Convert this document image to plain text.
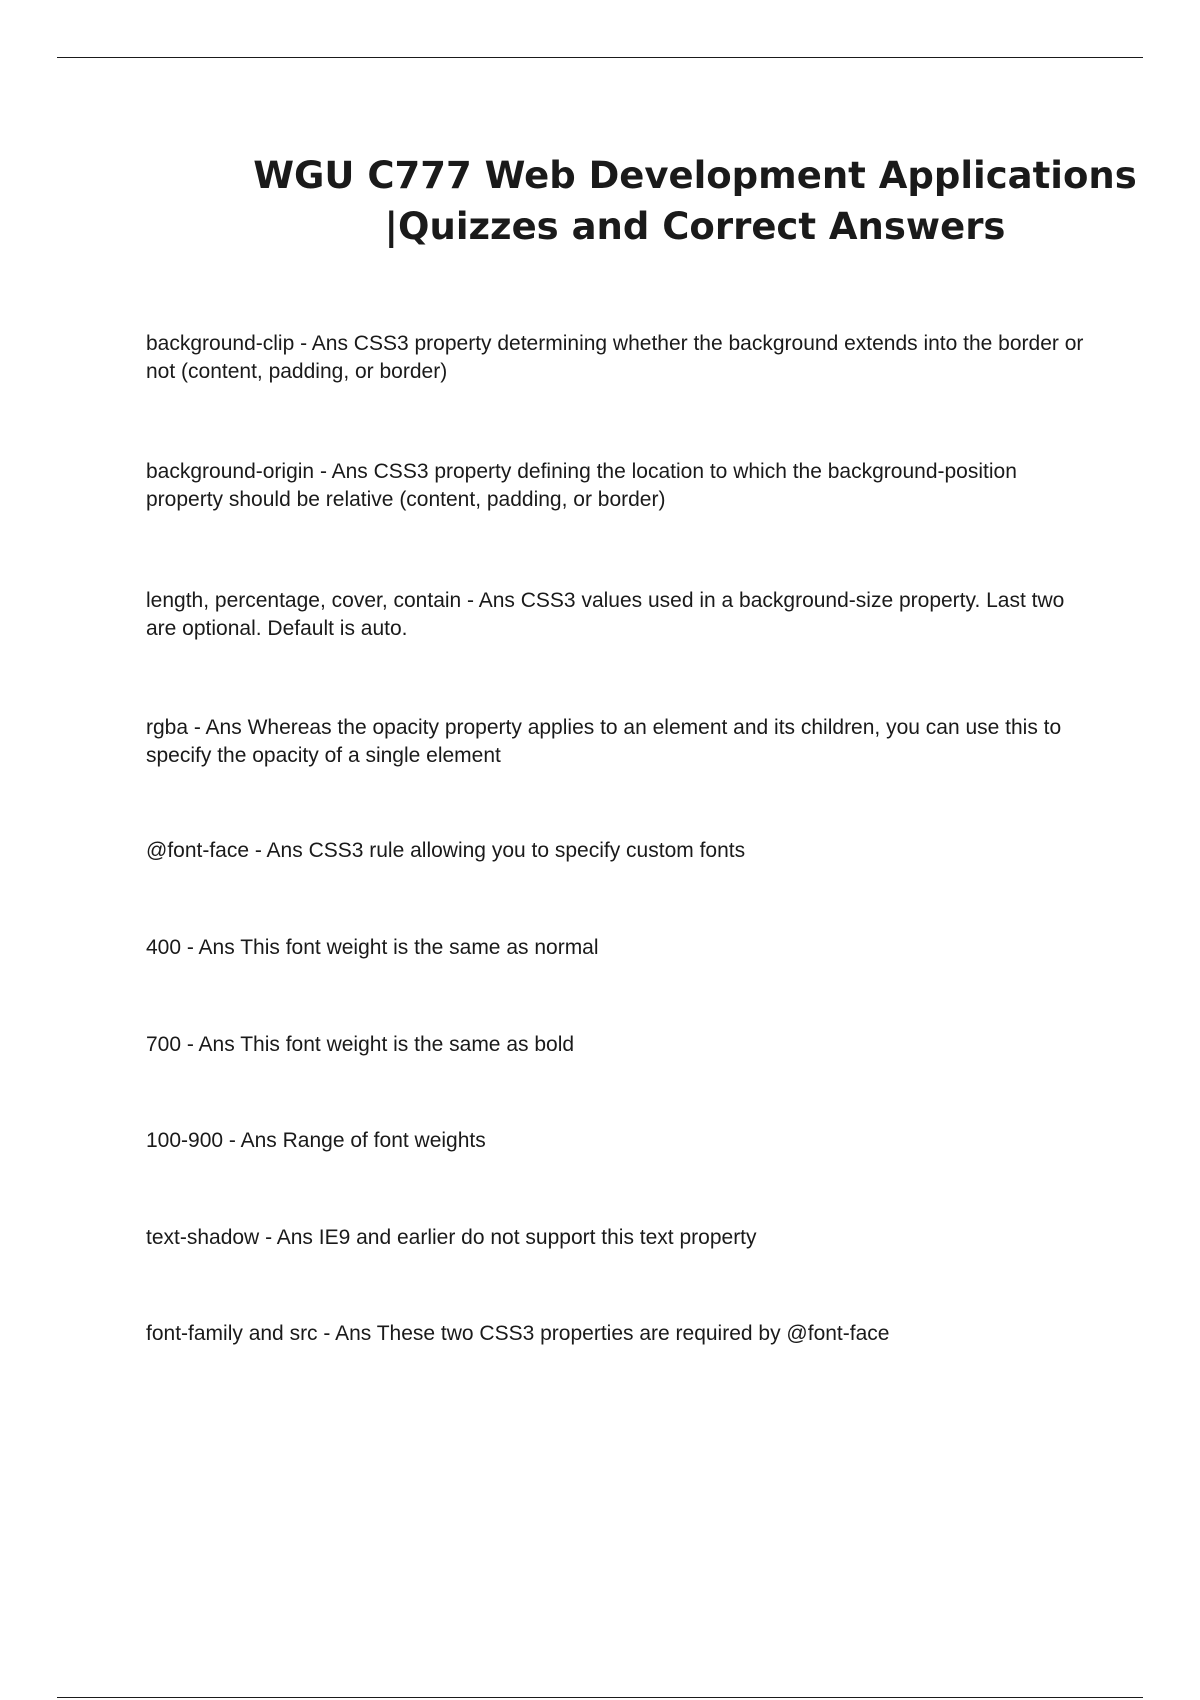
WGU C777 Web Development Applications
|Quizzes and Correct Answers

background-clip - Ans CSS3 property determining whether the background extends into the border or not (content, padding, or border)

background-origin - Ans CSS3 property defining the location to which the background-position property should be relative (content, padding, or border)

length, percentage, cover, contain - Ans CSS3 values used in a background-size property. Last two are optional. Default is auto.

rgba - Ans Whereas the opacity property applies to an element and its children, you can use this to specify the opacity of a single element

@font-face - Ans CSS3 rule allowing you to specify custom fonts

400 - Ans This font weight is the same as normal

700 - Ans This font weight is the same as bold

100-900 - Ans Range of font weights

text-shadow - Ans IE9 and earlier do not support this text property

font-family and src - Ans These two CSS3 properties are required by @font-face
